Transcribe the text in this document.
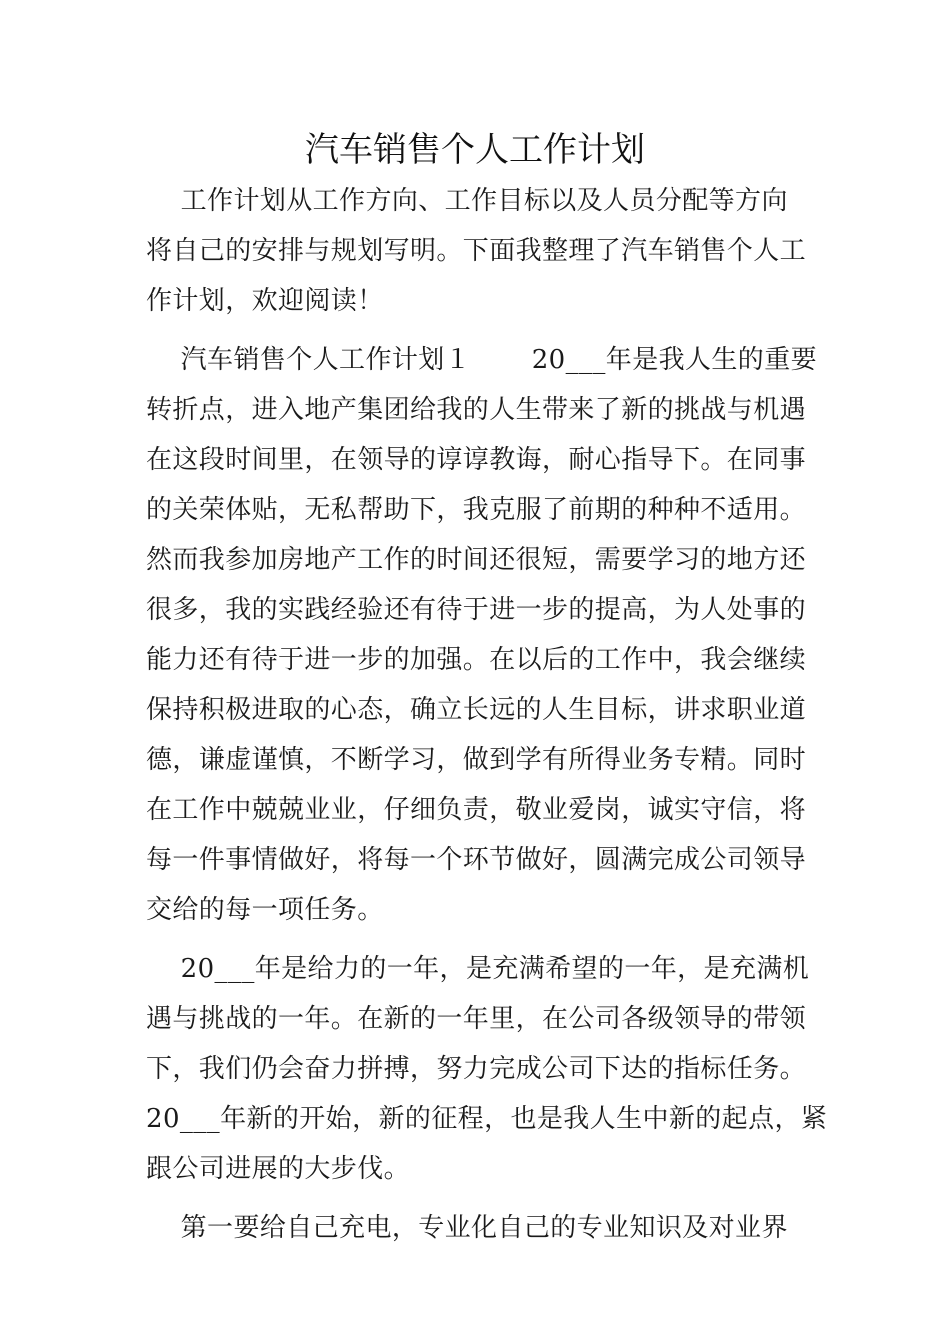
汽车销售个人工作计划
工作计划从工作方向、工作目标以及人员分配等方向
将自己的安排与规划写明。下面我整理了汽车销售个人工
作计划，欢迎阅读！
汽车销售个人工作计划１       20___年是我人生的重要
转折点，进入地产集团给我的人生带来了新的挑战与机遇
在这段时间里，在领导的谆谆教诲，耐心指导下。在同事
的关荣体贴，无私帮助下，我克服了前期的种种不适用。
然而我参加房地产工作的时间还很短，需要学习的地方还
很多，我的实践经验还有待于进一步的提高，为人处事的
能力还有待于进一步的加强。在以后的工作中，我会继续
保持积极进取的心态，确立长远的人生目标，讲求职业道
德，谦虚谨慎，不断学习，做到学有所得业务专精。同时
在工作中兢兢业业，仔细负责，敬业爱岗，诚实守信，将
每一件事情做好，将每一个环节做好，圆满完成公司领导
交给的每一项任务。
20___年是给力的一年，是充满希望的一年，是充满机
遇与挑战的一年。在新的一年里，在公司各级领导的带领
下，我们仍会奋力拼搏，努力完成公司下达的指标任务。
20___年新的开始，新的征程，也是我人生中新的起点，紧
跟公司进展的大步伐。
第一要给自己充电，专业化自己的专业知识及对业界
